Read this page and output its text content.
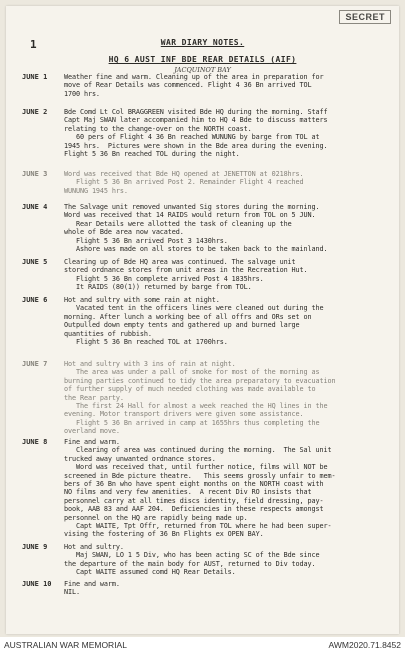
SECRET
1	WAR DIARY NOTES.
HQ 6 AUST INF BDE REAR DETAILS (AIF)
JACQUINOT BAY
JUNE 1	Weather fine and warm. Cleaning up of the area in preparation for
move of Rear Details was commenced. Flight 4 36 Bn arrived TOL
1700 hrs.
JUNE 2	Bde Comd Lt Col BRAGGREEN visited Bde HQ during the morning. Staff
Capt Maj SWAN later accompanied him to HQ 4 Bde to discuss matters
relating to the change-over on the NORTH coast.
60 pers of Flight 4 36 Bn reached WUNUNG by barge from TOL at
1945 hrs.  Pictures were shown in the Bde area during the evening.
Flight 5 36 Bn reached TOL during the night.
JUNE 3	Word was received that Bde HQ opened at JENETTON at 0218hrs.
Flight 5 36 Bn arrived Post 2. Remainder Flight 4 reached
WUNUNG 1945 hrs.
JUNE 4	The Salvage unit removed unwanted Sig stores during the morning.
Word was received that 14 RAIDS would return from TOL on 5 JUN.
Rear Details were allotted the task of cleaning up the
whole of Bde area now vacated.
Flight 5 36 Bn arrived Post 3 1430hrs.
Ashore was made on all stores to be taken back to the mainland.
JUNE 5	Clearing up of Bde HQ area was continued. The salvage unit
stored ordnance stores from unit areas in the Recreation Hut.
Flight 5 36 Bn complete arrived Post 4 1835hrs.
It RAIDS (80(1)) returned by barge from TOL.
JUNE 6	Hot and sultry with some rain at night.
Vacated tent in the officers lines were cleaned out during the
morning. After lunch a working bee of all offrs and ORs set on
Outpulled down empty tents and gathered up and burned large
quantities of rubbish.
Flight 5 36 Bn reached TOL at 1700hrs.
JUNE 7	Hot and sultry with 3 ins of rain at night.
The area was under a pall of smoke for most of the morning as
burning parties continued to tidy the area preparatory to evacuation
of further supply of much needed clothing was made available to
the Rear party.
The first 24 Hall for almost a week reached the HQ lines in the
evening. Motor transport drivers were given some assistance.
Flight 5 36 Bn arrived in camp at 1655hrs thus completing the
overland move.
JUNE 8	Fine and warm.
Clearing of area was continued during the morning.  The Sal unit
trucked away unwanted ordnance stores.
Word was received that, until further notice, films will NOT be
screened in Bde picture theatre.   This seems grossly unfair to mem-
bers of 36 Bn who have spent eight months on the NORTH coast with
NO films and very few amenities.  A recent Div RO insists that
personnel carry at all times discs identity, field dressing, pay-
book, AAB 83 and AAF 204.  Deficiencies in these respects amongst
personnel on the HQ are rapidly being made up.
Capt WAITE, Tpt Offr, returned from TOL where he had been super-
vising the fostering of 36 Bn Flights ex OPEN BAY.
JUNE 9	Hot and sultry.
Maj SWAN, LO 1 5 Div, who has been acting SC of the Bde since
the departure of the main body for AUST, returned to Div today.
Capt WAITE assumed comd HQ Rear Details.
JUNE 10	Fine and warm.
NIL.
AUSTRALIAN WAR MEMORIAL	AWM2020.71.8452
